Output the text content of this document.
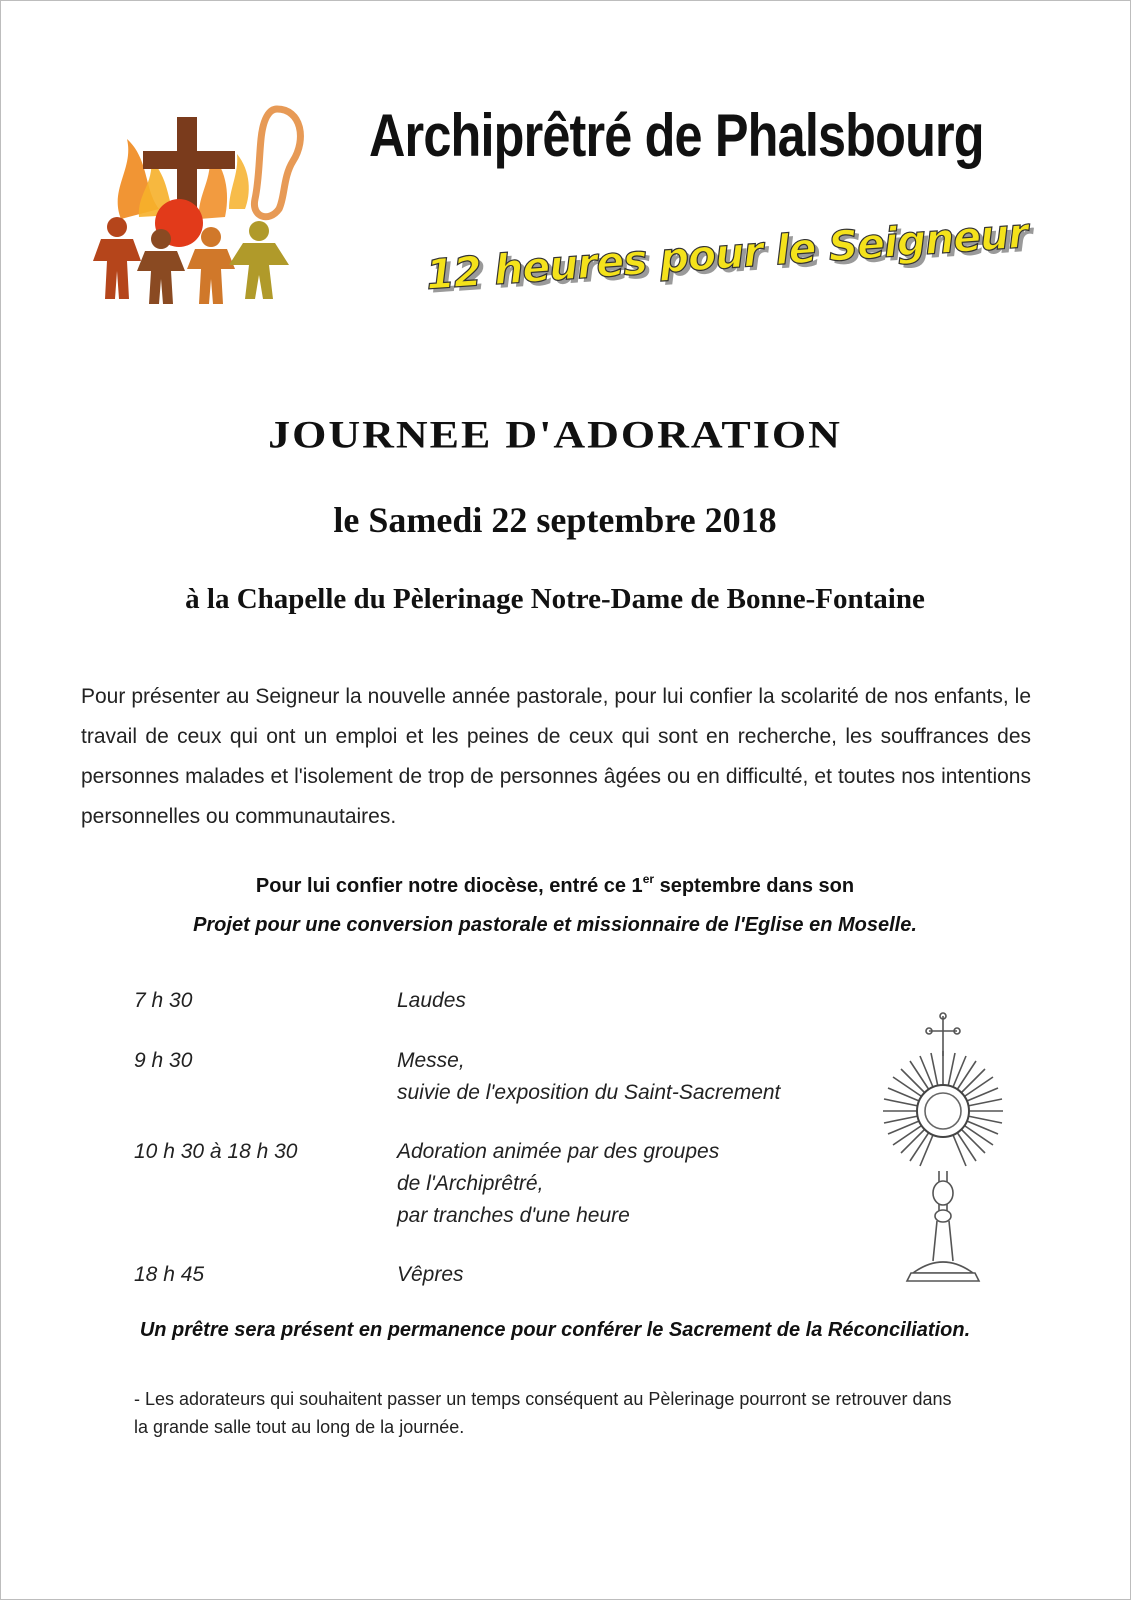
Archiprêtré de Phalsbourg
12 heures pour le Seigneur
JOURNEE D'ADORATION
le Samedi 22 septembre 2018
à la Chapelle du Pèlerinage Notre-Dame de Bonne-Fontaine
Pour présenter au Seigneur la nouvelle année pastorale, pour lui confier la scolarité de nos enfants, le travail de ceux qui ont un emploi et les peines de ceux qui sont en recherche, les souffrances des personnes malades et l'isolement de trop de personnes âgées ou en difficulté, et toutes nos intentions personnelles ou communautaires.
Pour lui confier notre diocèse, entré ce 1er septembre dans son
Projet pour une conversion pastorale et missionnaire de l'Eglise en Moselle.
7 h 30	Laudes
9 h 30	Messe,
suivie de l'exposition du Saint-Sacrement
10 h 30 à 18 h 30	Adoration animée par des groupes
de l'Archiprêtré,
par tranches d'une heure
18 h 45	Vêpres
Un prêtre sera présent en permanence pour conférer le Sacrement de la Réconciliation.
- Les adorateurs qui souhaitent passer un temps conséquent au Pèlerinage pourront se retrouver dans la grande salle tout au long de la journée.
